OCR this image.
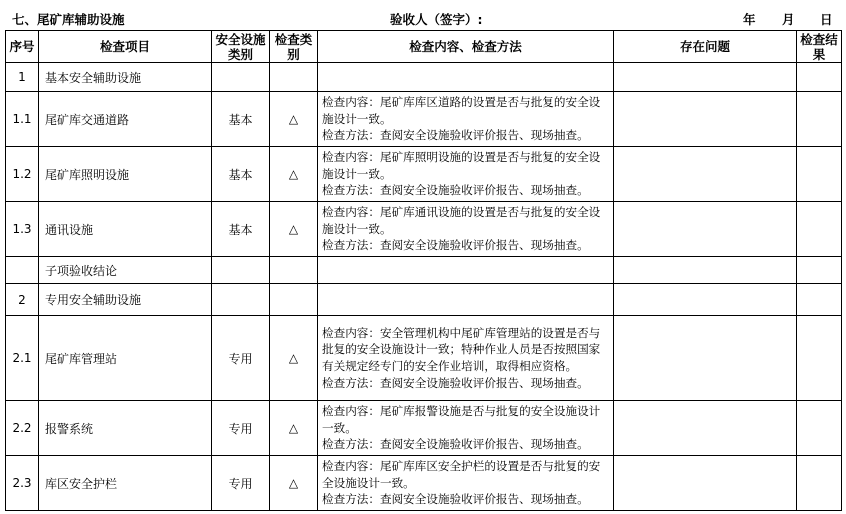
七、尾矿库辅助设施	验收人（签字）:	年 月 日
序号	检查项目	安全设施类别	检查类别	检查内容、检查方法	存在问题	检查结果
1	基本安全辅助设施					
1.1	尾矿库交通道路	基本	△	检查内容：尾矿库库区道路的设置是否与批复的安全设施设计一致。
检查方法：查阅安全设施验收评价报告、现场抽查。		

1.2	尾矿库照明设施	基本	△	检查内容：尾矿库照明设施的设置是否与批复的安全设施设计一致。
检查方法：查阅安全设施验收评价报告、现场抽查。		

1.3	通讯设施	基本	△	检查内容：尾矿库通讯设施的设置是否与批复的安全设施设计一致。
检查方法：查阅安全设施验收评价报告、现场抽查。		

	子项验收结论					
2	专用安全辅助设施					
2.1	尾矿库管理站	专用	△	检查内容：安全管理机构中尾矿库管理站的设置是否与批复的安全设施设计一致；特种作业人员是否按照国家有关规定经专门的安全作业培训，取得相应资格。
检查方法：查阅安全设施验收评价报告、现场抽查。		

2.2	报警系统	专用	△	检查内容：尾矿库报警设施是否与批复的安全设施设计一致。
检查方法：查阅安全设施验收评价报告、现场抽查。		

2.3	库区安全护栏	专用	△	检查内容：尾矿库库区安全护栏的设置是否与批复的安全设施设计一致。
检查方法：查阅安全设施验收评价报告、现场抽查。		
